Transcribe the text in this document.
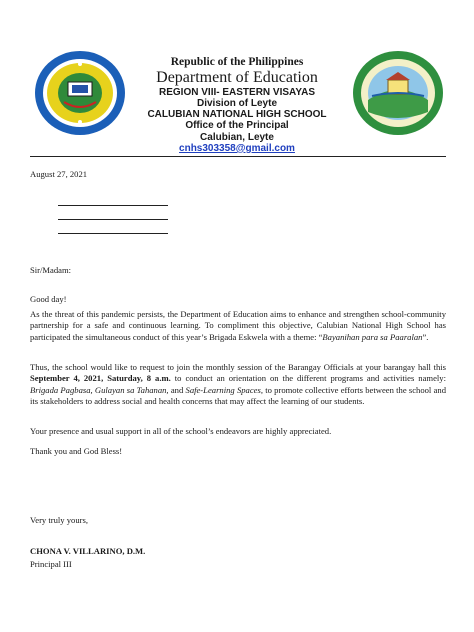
Republic of the Philippines
Department of Education
REGION VIII- EASTERN VISAYAS
Division of Leyte
CALUBIAN NATIONAL HIGH SCHOOL
Office of the Principal
Calubian, Leyte
cnhs303358@gmail.com
August 27, 2021
Sir/Madam:
Good day!
As the threat of this pandemic persists, the Department of Education aims to enhance and strengthen school-community partnership for a safe and continuous learning. To compliment this objective, Calubian National High School has participated the simultaneous conduct of this year’s Brigada Eskwela with a theme: “Bayanihan para sa Paaralan”.
Thus, the school would like to request to join the monthly session of the Barangay Officials at your barangay hall this September 4, 2021, Saturday, 8 a.m. to conduct an orientation on the different programs and activities namely: Brigada Pagbasa, Gulayan sa Tahanan, and Safe-Learning Spaces, to promote collective efforts between the school and its stakeholders to address social and health concerns that may affect the learning of our students.
Your presence and usual support in all of the school’s endeavors are highly appreciated.
Thank you and God Bless!
Very truly yours,
CHONA V. VILLARINO, D.M.
Principal III
